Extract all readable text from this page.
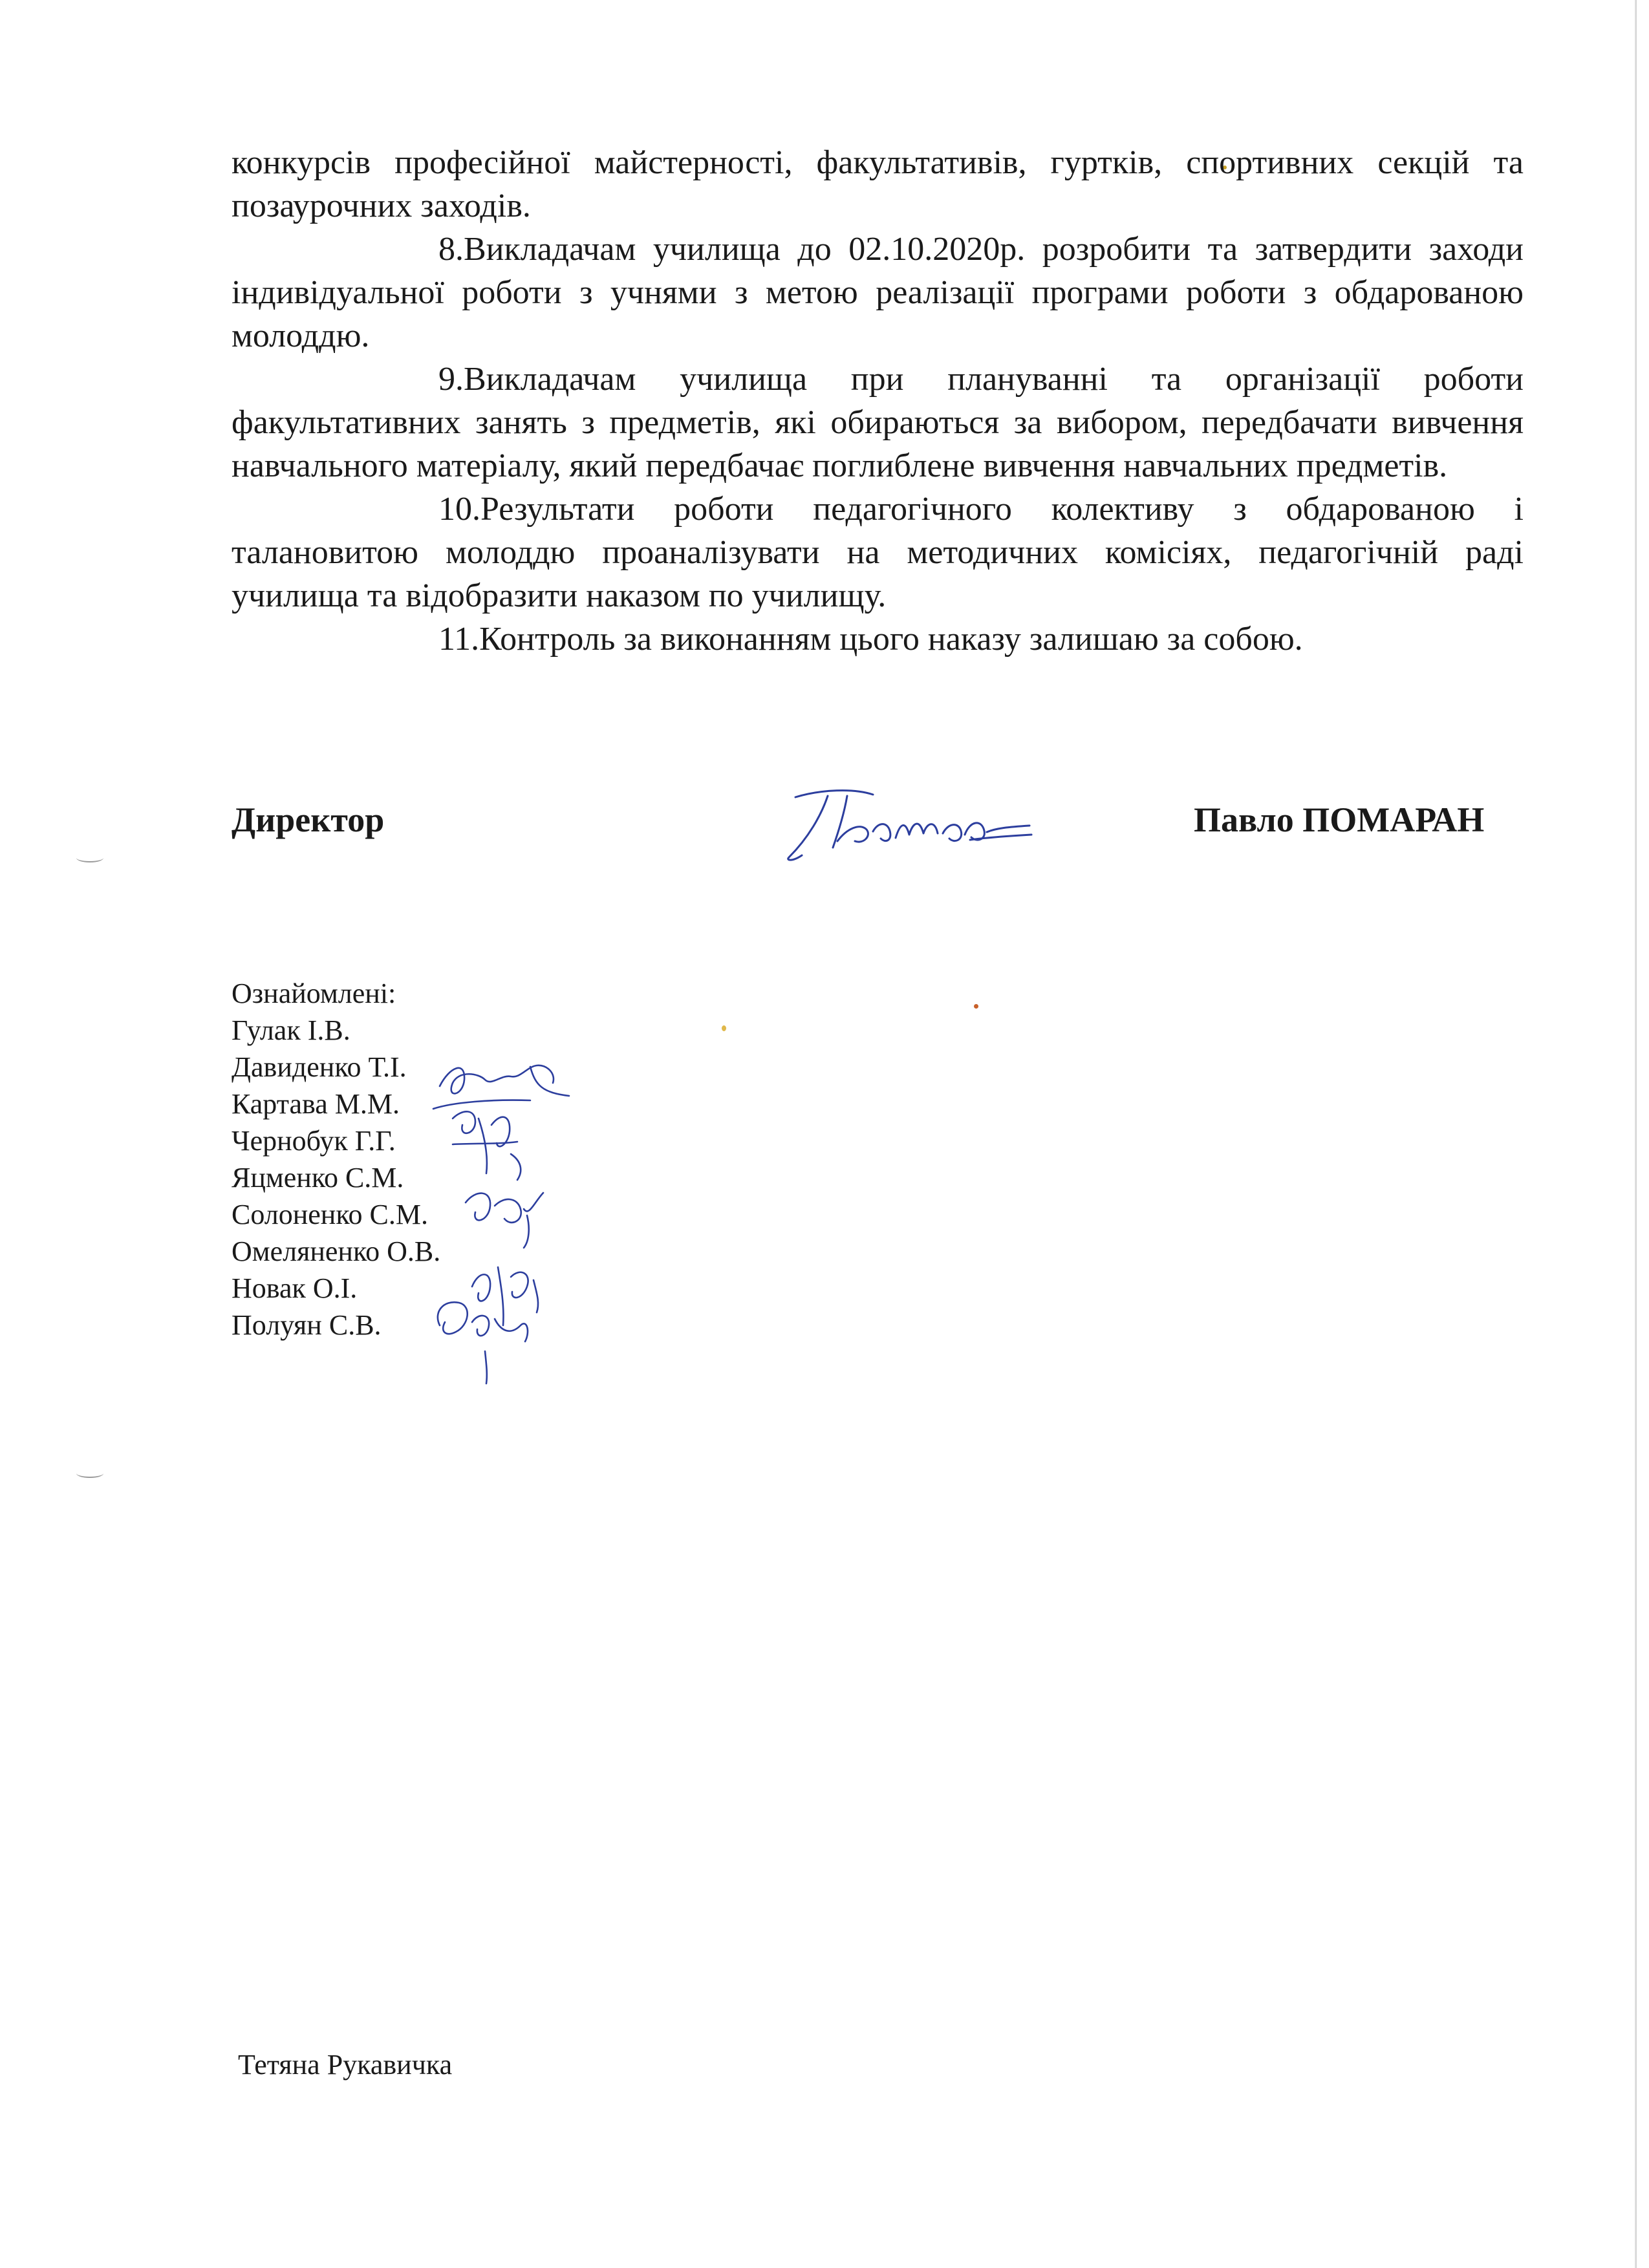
конкурсів професійної майстерності, факультативів, гуртків, спортивних секцій та позаурочних заходів.

8.Викладачам училища до 02.10.2020р. розробити та затвердити заходи індивідуальної роботи з учнями з метою реалізації програми роботи з обдарованою молоддю.

9.Викладачам училища при плануванні та організації роботи факультативних занять з предметів, які обираються за вибором, передбачати вивчення навчального матеріалу, який передбачає поглиблене вивчення навчальних предметів.

10.Результати роботи педагогічного колективу з обдарованою і талановитою молоддю проаналізувати на методичних комісіях, педагогічній раді училища та відобразити наказом по училищу.

11.Контроль за виконанням цього наказу залишаю за собою.

Директор	Павло ПОМАРАН
Ознайомлені:
Гулак І.В.
Давиденко Т.І.
Картава М.М.
Чернобук Г.Г.
Яцменко С.М.
Солоненко С.М.
Омеляненко О.В.
Новак О.І.
Полуян С.В.
Тетяна Рукавичка
